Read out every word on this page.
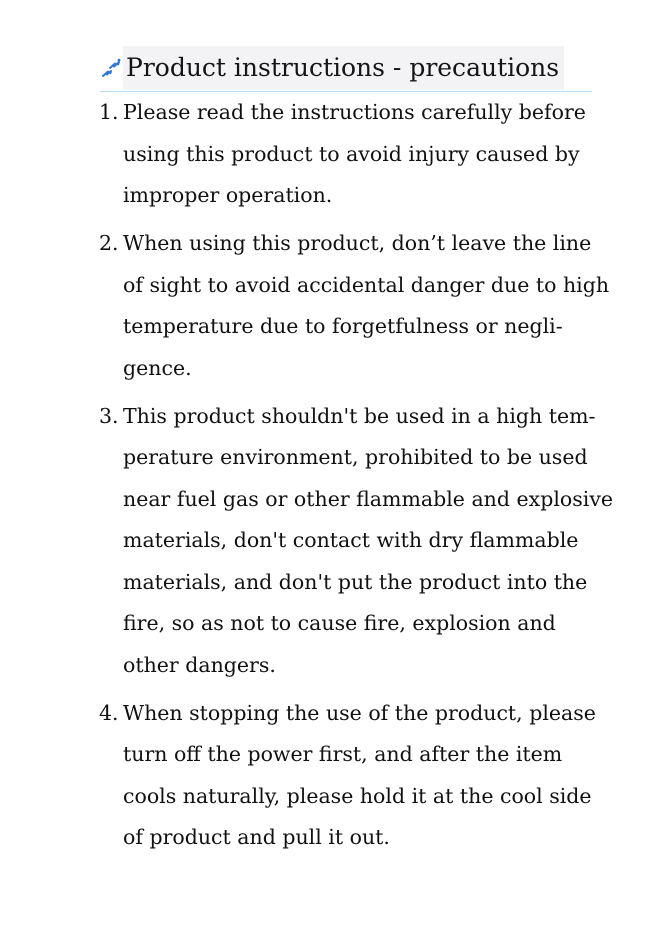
Product instructions - precautions
1. Please read the instructions carefully before
using this product to avoid injury caused by
improper operation.
2. When using this product, don’t leave the line
of sight to avoid accidental danger due to high
temperature due to forgetfulness or negli-
gence.
3. This product shouldn't be used in a high tem-
perature environment, prohibited to be used
near fuel gas or other flammable and explosive
materials, don't contact with dry flammable
materials, and don't put the product into the
fire, so as not to cause fire, explosion and
other dangers.
4. When stopping the use of the product, please
turn off the power first, and after the item
cools naturally, please hold it at the cool side
of product and pull it out.
